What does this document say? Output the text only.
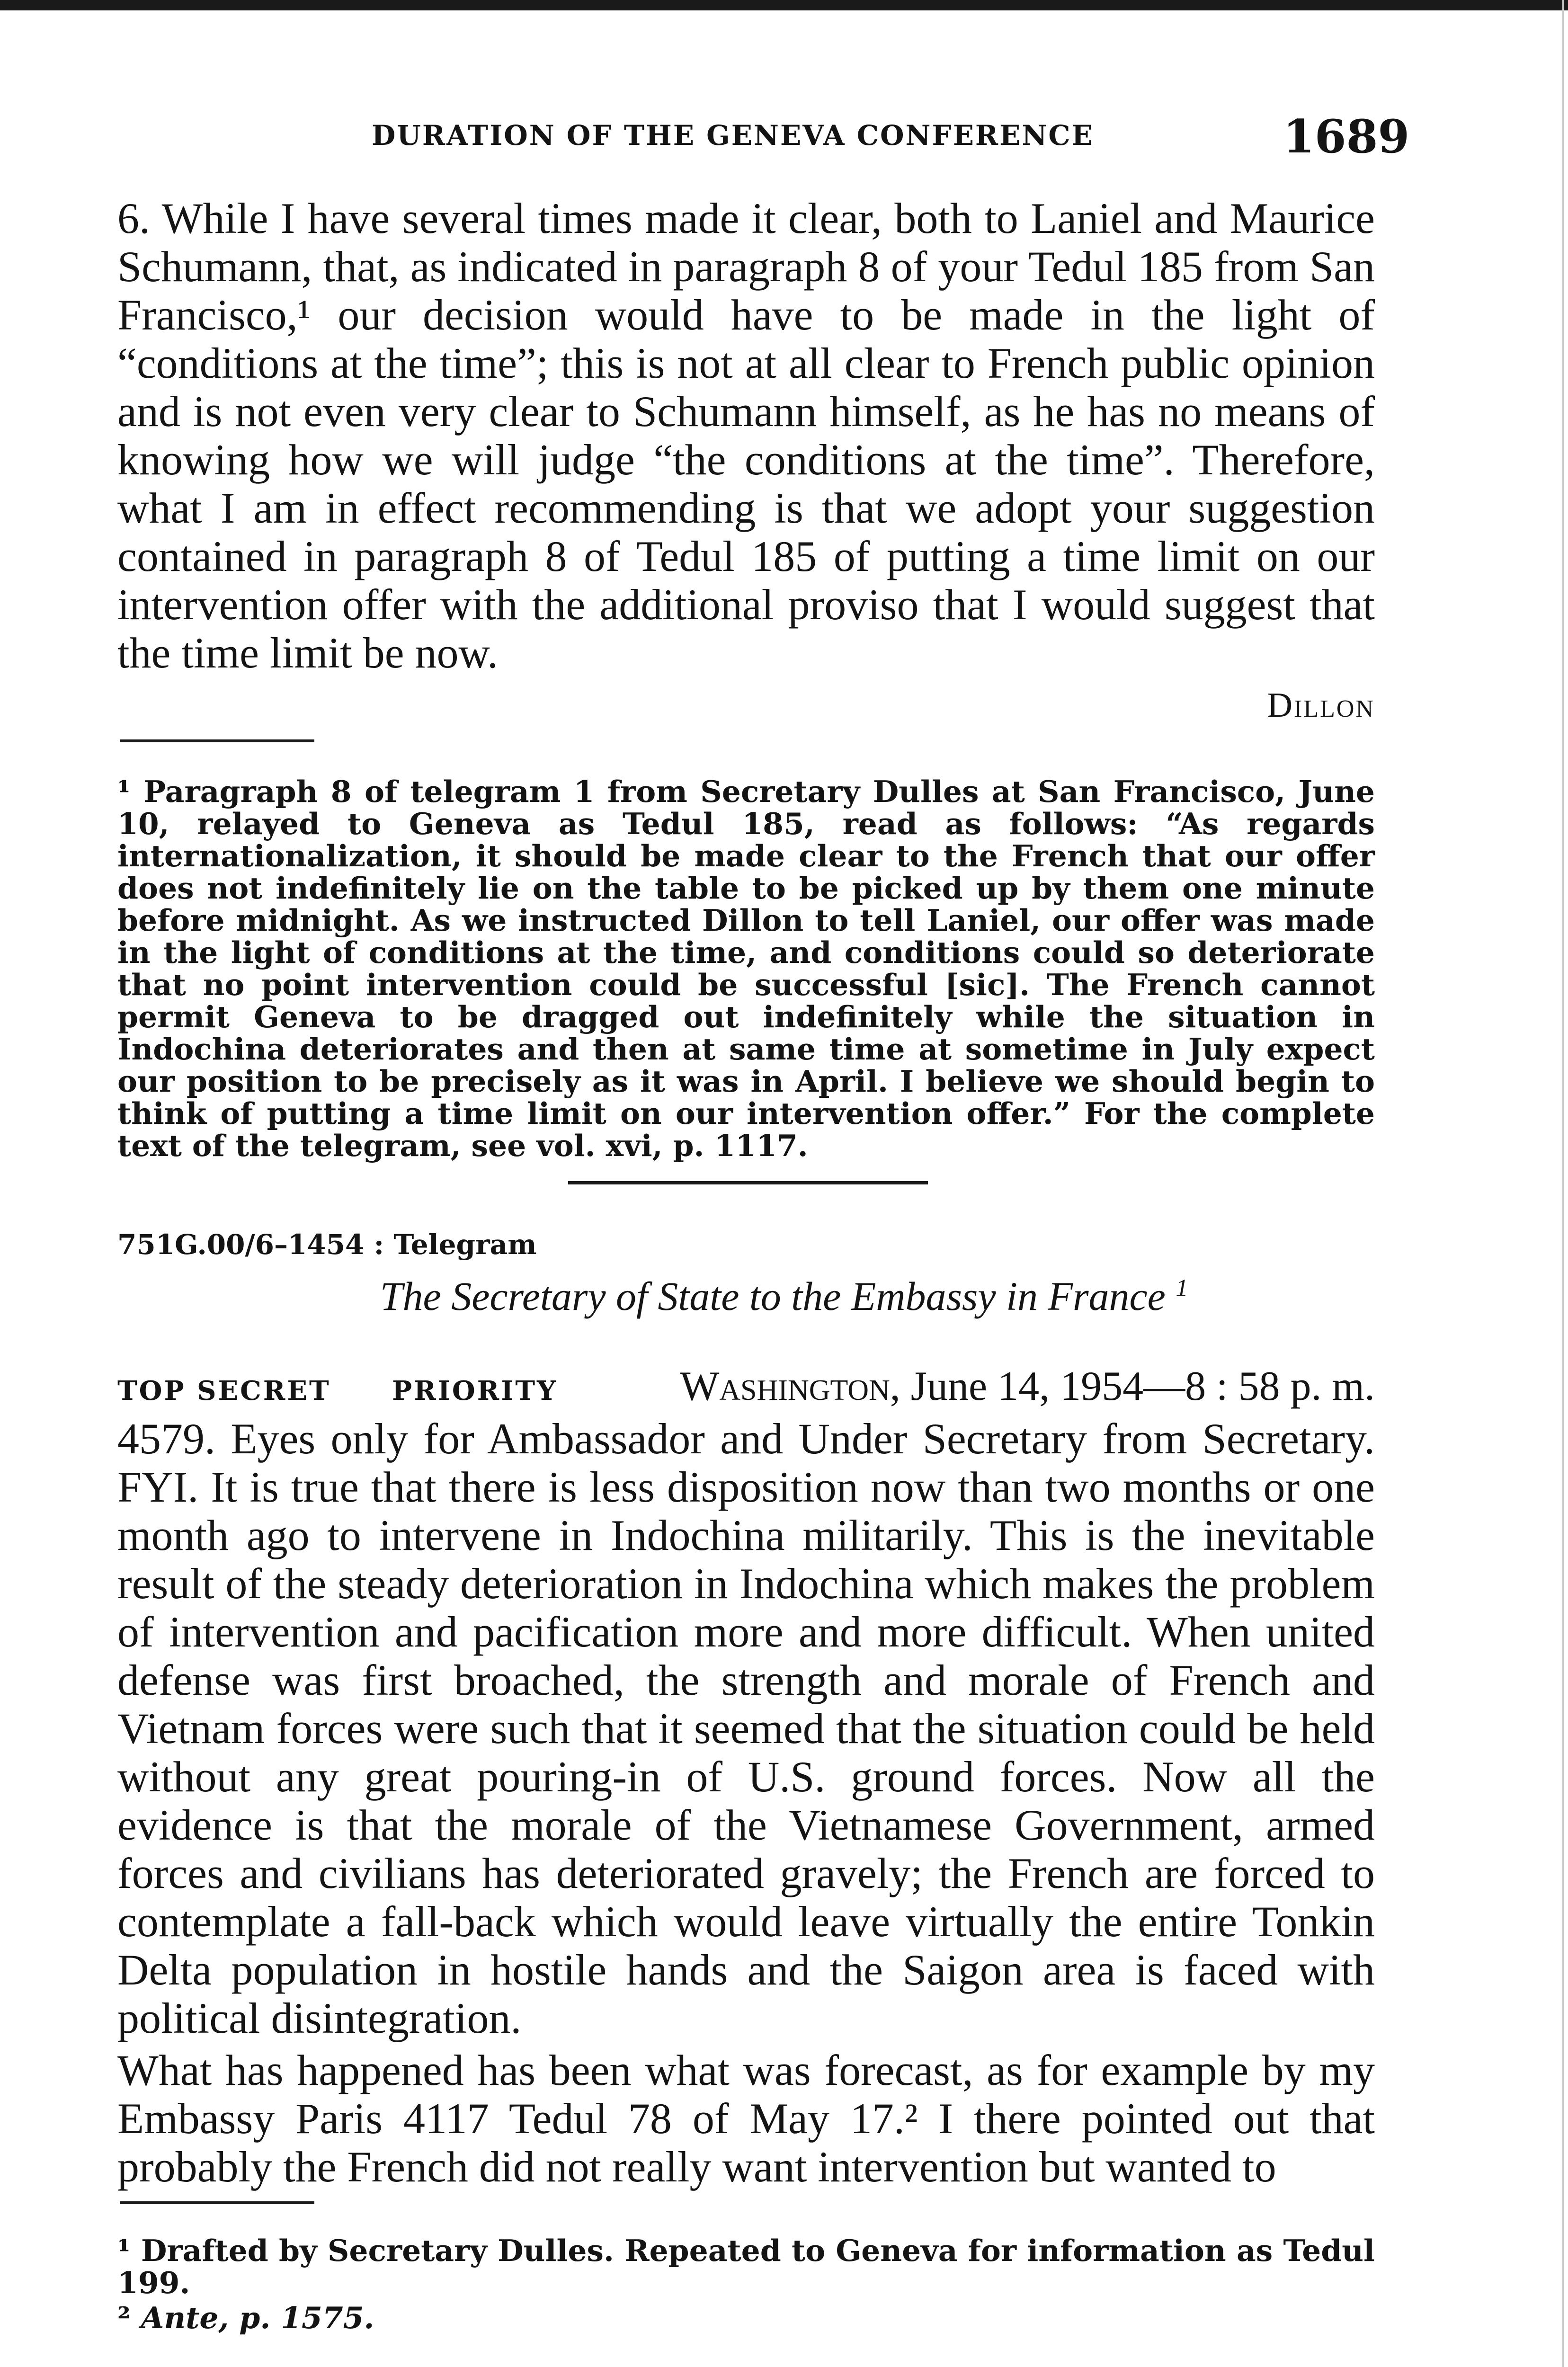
DURATION OF THE GENEVA CONFERENCE	1689

6. While I have several times made it clear, both to Laniel and Maurice Schumann, that, as indicated in paragraph 8 of your Tedul 185 from San Francisco,¹ our decision would have to be made in the light of “conditions at the time”; this is not at all clear to French public opinion and is not even very clear to Schumann himself, as he has no means of knowing how we will judge “the conditions at the time”. Therefore, what I am in effect recommending is that we adopt your suggestion contained in paragraph 8 of Tedul 185 of putting a time limit on our intervention offer with the additional proviso that I would suggest that the time limit be now.

Dillon

¹ Paragraph 8 of telegram 1 from Secretary Dulles at San Francisco, June 10, relayed to Geneva as Tedul 185, read as follows: “As regards internationalization, it should be made clear to the French that our offer does not indefinitely lie on the table to be picked up by them one minute before midnight. As we instructed Dillon to tell Laniel, our offer was made in the light of conditions at the time, and conditions could so deteriorate that no point intervention could be successful [sic]. The French cannot permit Geneva to be dragged out indefinitely while the situation in Indochina deteriorates and then at same time at sometime in July expect our position to be precisely as it was in April. I believe we should begin to think of putting a time limit on our intervention offer.” For the complete text of the telegram, see vol. xvi, p. 1117.

751G.00/6–1454 : Telegram
The Secretary of State to the Embassy in France $^1$
TOP SECRET PRIORITY	Washington, June 14, 1954—8 : 58 p. m.

4579. Eyes only for Ambassador and Under Secretary from Secretary. FYI. It is true that there is less disposition now than two months or one month ago to intervene in Indochina militarily. This is the inevitable result of the steady deterioration in Indochina which makes the problem of intervention and pacification more and more difficult. When united defense was first broached, the strength and morale of French and Vietnam forces were such that it seemed that the situation could be held without any great pouring-in of U.S. ground forces. Now all the evidence is that the morale of the Vietnamese Government, armed forces and civilians has deteriorated gravely; the French are forced to contemplate a fall-back which would leave virtually the entire Tonkin Delta population in hostile hands and the Saigon area is faced with political disintegration.

What has happened has been what was forecast, as for example by my Embassy Paris 4117 Tedul 78 of May 17.² I there pointed out that probably the French did not really want intervention but wanted to

¹ Drafted by Secretary Dulles. Repeated to Geneva for information as Tedul 199.

² Ante, p. 1575.
